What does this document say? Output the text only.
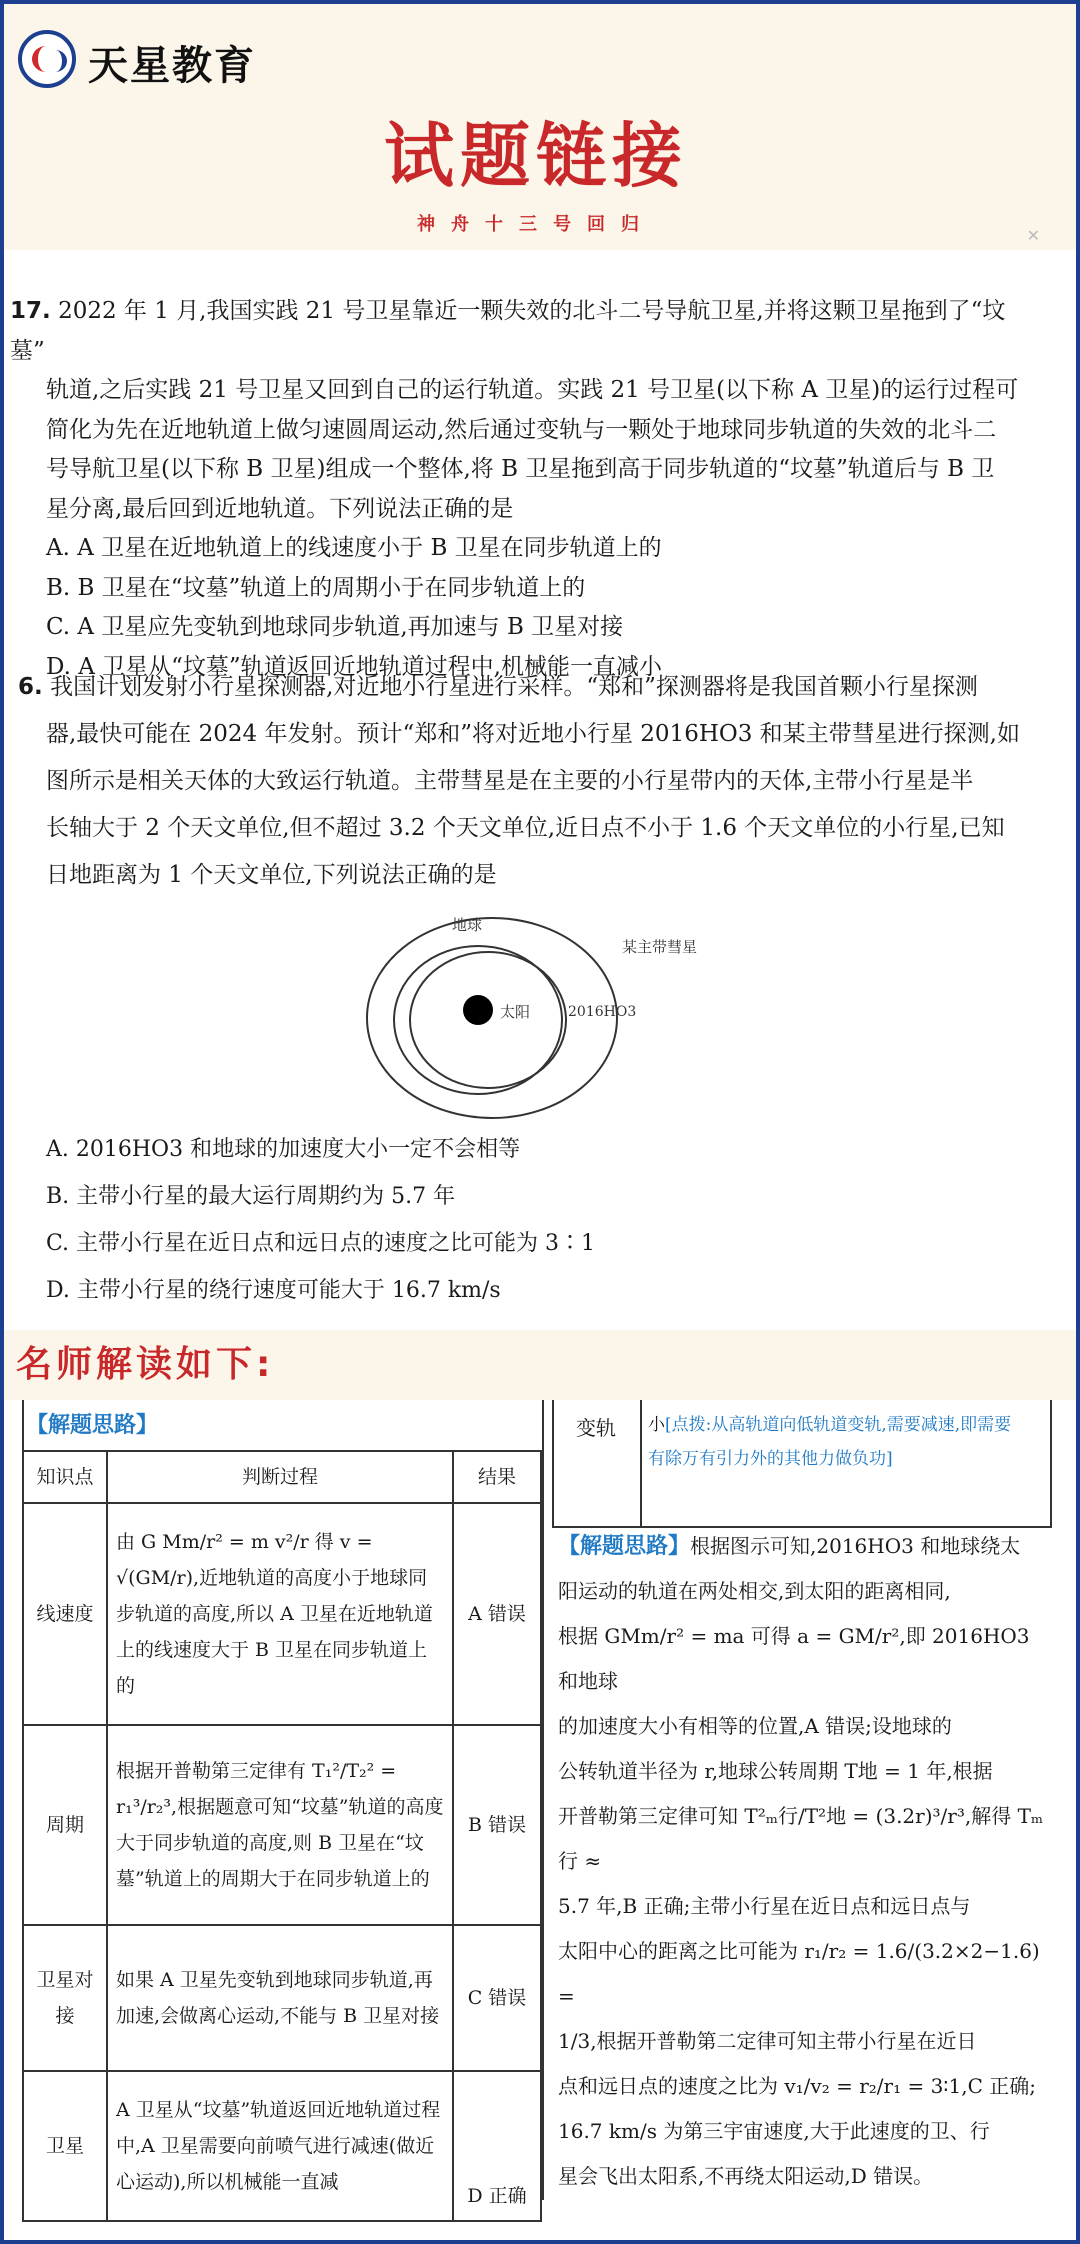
天星教育
试题链接
神舟十三号回归
✕

17. 2022 年 1 月,我国实践 21 号卫星靠近一颗失效的北斗二号导航卫星,并将这颗卫星拖到了“坟墓”

轨道,之后实践 21 号卫星又回到自己的运行轨道。实践 21 号卫星(以下称 A 卫星)的运行过程可

简化为先在近地轨道上做匀速圆周运动,然后通过变轨与一颗处于地球同步轨道的失效的北斗二

号导航卫星(以下称 B 卫星)组成一个整体,将 B 卫星拖到高于同步轨道的“坟墓”轨道后与 B 卫

星分离,最后回到近地轨道。下列说法正确的是

A. A 卫星在近地轨道上的线速度小于 B 卫星在同步轨道上的

B. B 卫星在“坟墓”轨道上的周期小于在同步轨道上的

C. A 卫星应先变轨到地球同步轨道,再加速与 B 卫星对接

D. A 卫星从“坟墓”轨道返回近地轨道过程中,机械能一直减小

6. 我国计划发射小行星探测器,对近地小行星进行采样。“郑和”探测器将是我国首颗小行星探测

器,最快可能在 2024 年发射。预计“郑和”将对近地小行星 2016HO3 和某主带彗星进行探测,如

图所示是相关天体的大致运行轨道。主带彗星是在主要的小行星带内的天体,主带小行星是半

长轴大于 2 个天文单位,但不超过 3.2 个天文单位,近日点不小于 1.6 个天文单位的小行星,已知

日地距离为 1 个天文单位,下列说法正确的是

太阳
地球
某主带彗星
2016HO3
A. 2016HO3 和地球的加速度大小一定不会相等
B. 主带小行星的最大运行周期约为 5.7 年
C. 主带小行星在近日点和远日点的速度之比可能为 3∶1
D. 主带小行星的绕行速度可能大于 16.7 km/s
名师解读如下:
【解题思路】
知识点	判断过程	结果
线速度	由 G Mm/r² = m v²/r 得 v = √(GM/r),近地轨道的高度小于地球同步轨道的高度,所以 A 卫星在近地轨道上的线速度大于 B 卫星在同步轨道上的	A 错误
周期	根据开普勒第三定律有 T₁²/T₂² = r₁³/r₂³,根据题意可知“坟墓”轨道的高度大于同步轨道的高度,则 B 卫星在“坟墓”轨道上的周期大于在同步轨道上的	B 错误
卫星对接	如果 A 卫星先变轨到地球同步轨道,再加速,会做离心运动,不能与 B 卫星对接	C 错误
卫星	A 卫星从“坟墓”轨道返回近地轨道过程中,A 卫星需要向前喷气进行减速(做近心运动),所以机械能一直减	D 正确
变轨 小[点拨:从高轨道向低轨道变轨,需要减速,即需要有除万有引力外的其他力做负功]

【解题思路】根据图示可知,2016HO3 和地球绕太

阳运动的轨道在两处相交,到太阳的距离相同,

根据 GMm/r² = ma 可得 a = GM/r²,即 2016HO3 和地球

的加速度大小有相等的位置,A 错误;设地球的

公转轨道半径为 r,地球公转周期 T地 = 1 年,根据

开普勒第三定律可知 T²ₘ行/T²地 = (3.2r)³/r³,解得 Tₘ行 ≈

5.7 年,B 正确;主带小行星在近日点和远日点与

太阳中心的距离之比可能为 r₁/r₂ = 1.6/(3.2×2−1.6) =

1/3,根据开普勒第二定律可知主带小行星在近日

点和远日点的速度之比为 v₁/v₂ = r₂/r₁ = 3∶1,C 正确;

16.7 km/s 为第三宇宙速度,大于此速度的卫、行

星会飞出太阳系,不再绕太阳运动,D 错误。
